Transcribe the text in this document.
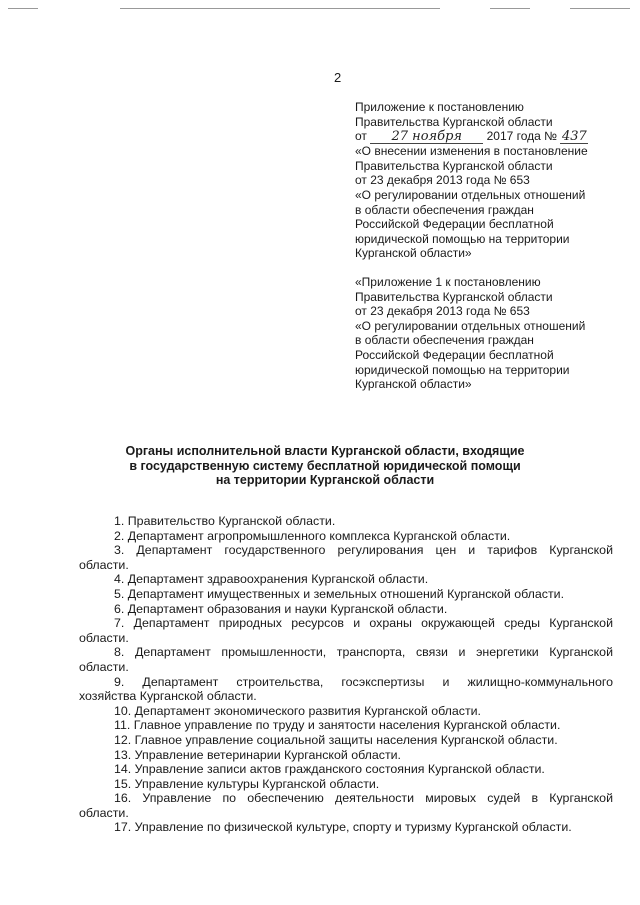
2

Приложение к постановлению

Правительства Курганской области

от 27 ноября 2017 года № 437

«О внесении изменения в постановление

Правительства Курганской области

от 23 декабря 2013 года № 653

«О регулировании отдельных отношений

в области обеспечения граждан

Российской Федерации бесплатной

юридической помощью на территории

Курганской области»

«Приложение 1 к постановлению

Правительства Курганской области

от 23 декабря 2013 года № 653

«О регулировании отдельных отношений

в области обеспечения граждан

Российской Федерации бесплатной

юридической помощью на территории

Курганской области»

Органы исполнительной власти Курганской области, входящие

в государственную систему бесплатной юридической помощи

на территории Курганской области

1. Правительство Курганской области.
2. Департамент агропромышленного комплекса Курганской области.
3. Департамент государственного регулирования цен и тарифов Курганской
области.
4. Департамент здравоохранения Курганской области.
5. Департамент имущественных и земельных отношений Курганской области.
6. Департамент образования и науки Курганской области.
7. Департамент природных ресурсов и охраны окружающей среды Курганской
области.
8. Департамент промышленности, транспорта, связи и энергетики Курганской
области.
9. Департамент строительства, госэкспертизы и жилищно-коммунального
хозяйства Курганской области.
10. Департамент экономического развития Курганской области.
11. Главное управление по труду и занятости населения Курганской области.
12. Главное управление социальной защиты населения Курганской области.
13. Управление ветеринарии Курганской области.
14. Управление записи актов гражданского состояния Курганской области.
15. Управление культуры Курганской области.
16. Управление по обеспечению деятельности мировых судей в Курганской
области.
17. Управление по физической культуре, спорту и туризму Курганской области.
